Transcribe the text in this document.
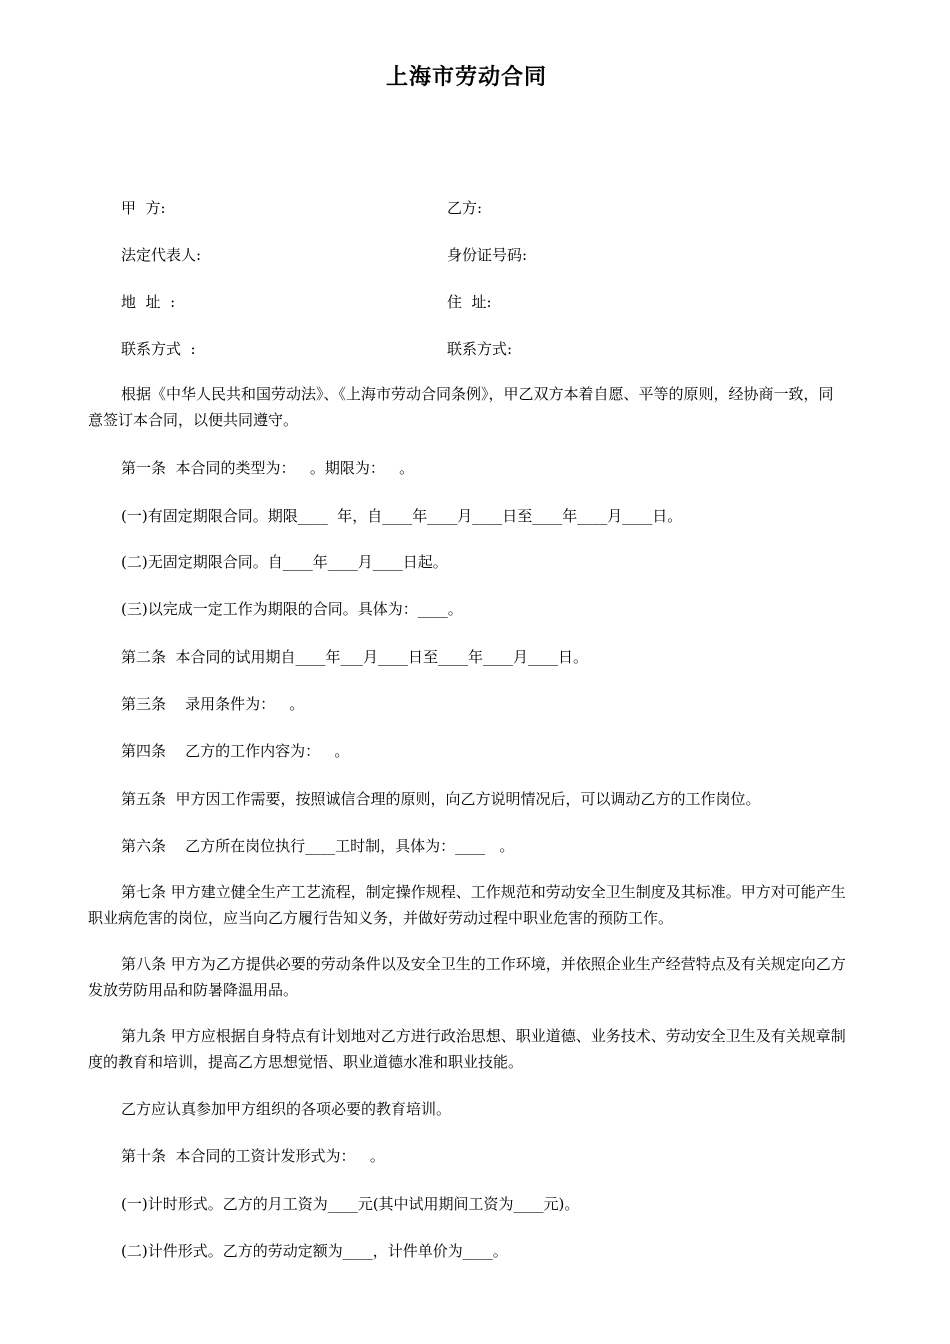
上海市劳动合同
甲  方:	乙方:
法定代表人:	身份证号码:
地  址  :	住  址:
联系方式  :	联系方式:
根据《中华人民共和国劳动法》、《上海市劳动合同条例》，甲乙双方本着自愿、平等的原则，经协商一致，同意签订本合同，以便共同遵守。
第一条  本合同的类型为：   。期限为：   。
(一)有固定期限合同。期限____  年，自____年____月____日至____年____月____日。
(二)无固定期限合同。自____年____月____日起。
(三)以完成一定工作为期限的合同。具体为：____。
第二条  本合同的试用期自____年___月____日至____年____月____日。
第三条    录用条件为：   。
第四条    乙方的工作内容为：   。
第五条  甲方因工作需要，按照诚信合理的原则，向乙方说明情况后，可以调动乙方的工作岗位。
第六条    乙方所在岗位执行____工时制，具体为：____   。
第七条 甲方建立健全生产工艺流程，制定操作规程、工作规范和劳动安全卫生制度及其标准。甲方对可能产生职业病危害的岗位，应当向乙方履行告知义务，并做好劳动过程中职业危害的预防工作。
第八条 甲方为乙方提供必要的劳动条件以及安全卫生的工作环境，并依照企业生产经营特点及有关规定向乙方发放劳防用品和防暑降温用品。
第九条 甲方应根据自身特点有计划地对乙方进行政治思想、职业道德、业务技术、劳动安全卫生及有关规章制度的教育和培训，提高乙方思想觉悟、职业道德水准和职业技能。
乙方应认真参加甲方组织的各项必要的教育培训。
第十条  本合同的工资计发形式为：   。
(一)计时形式。乙方的月工资为____元(其中试用期间工资为____元)。
(二)计件形式。乙方的劳动定额为____，计件单价为____。
